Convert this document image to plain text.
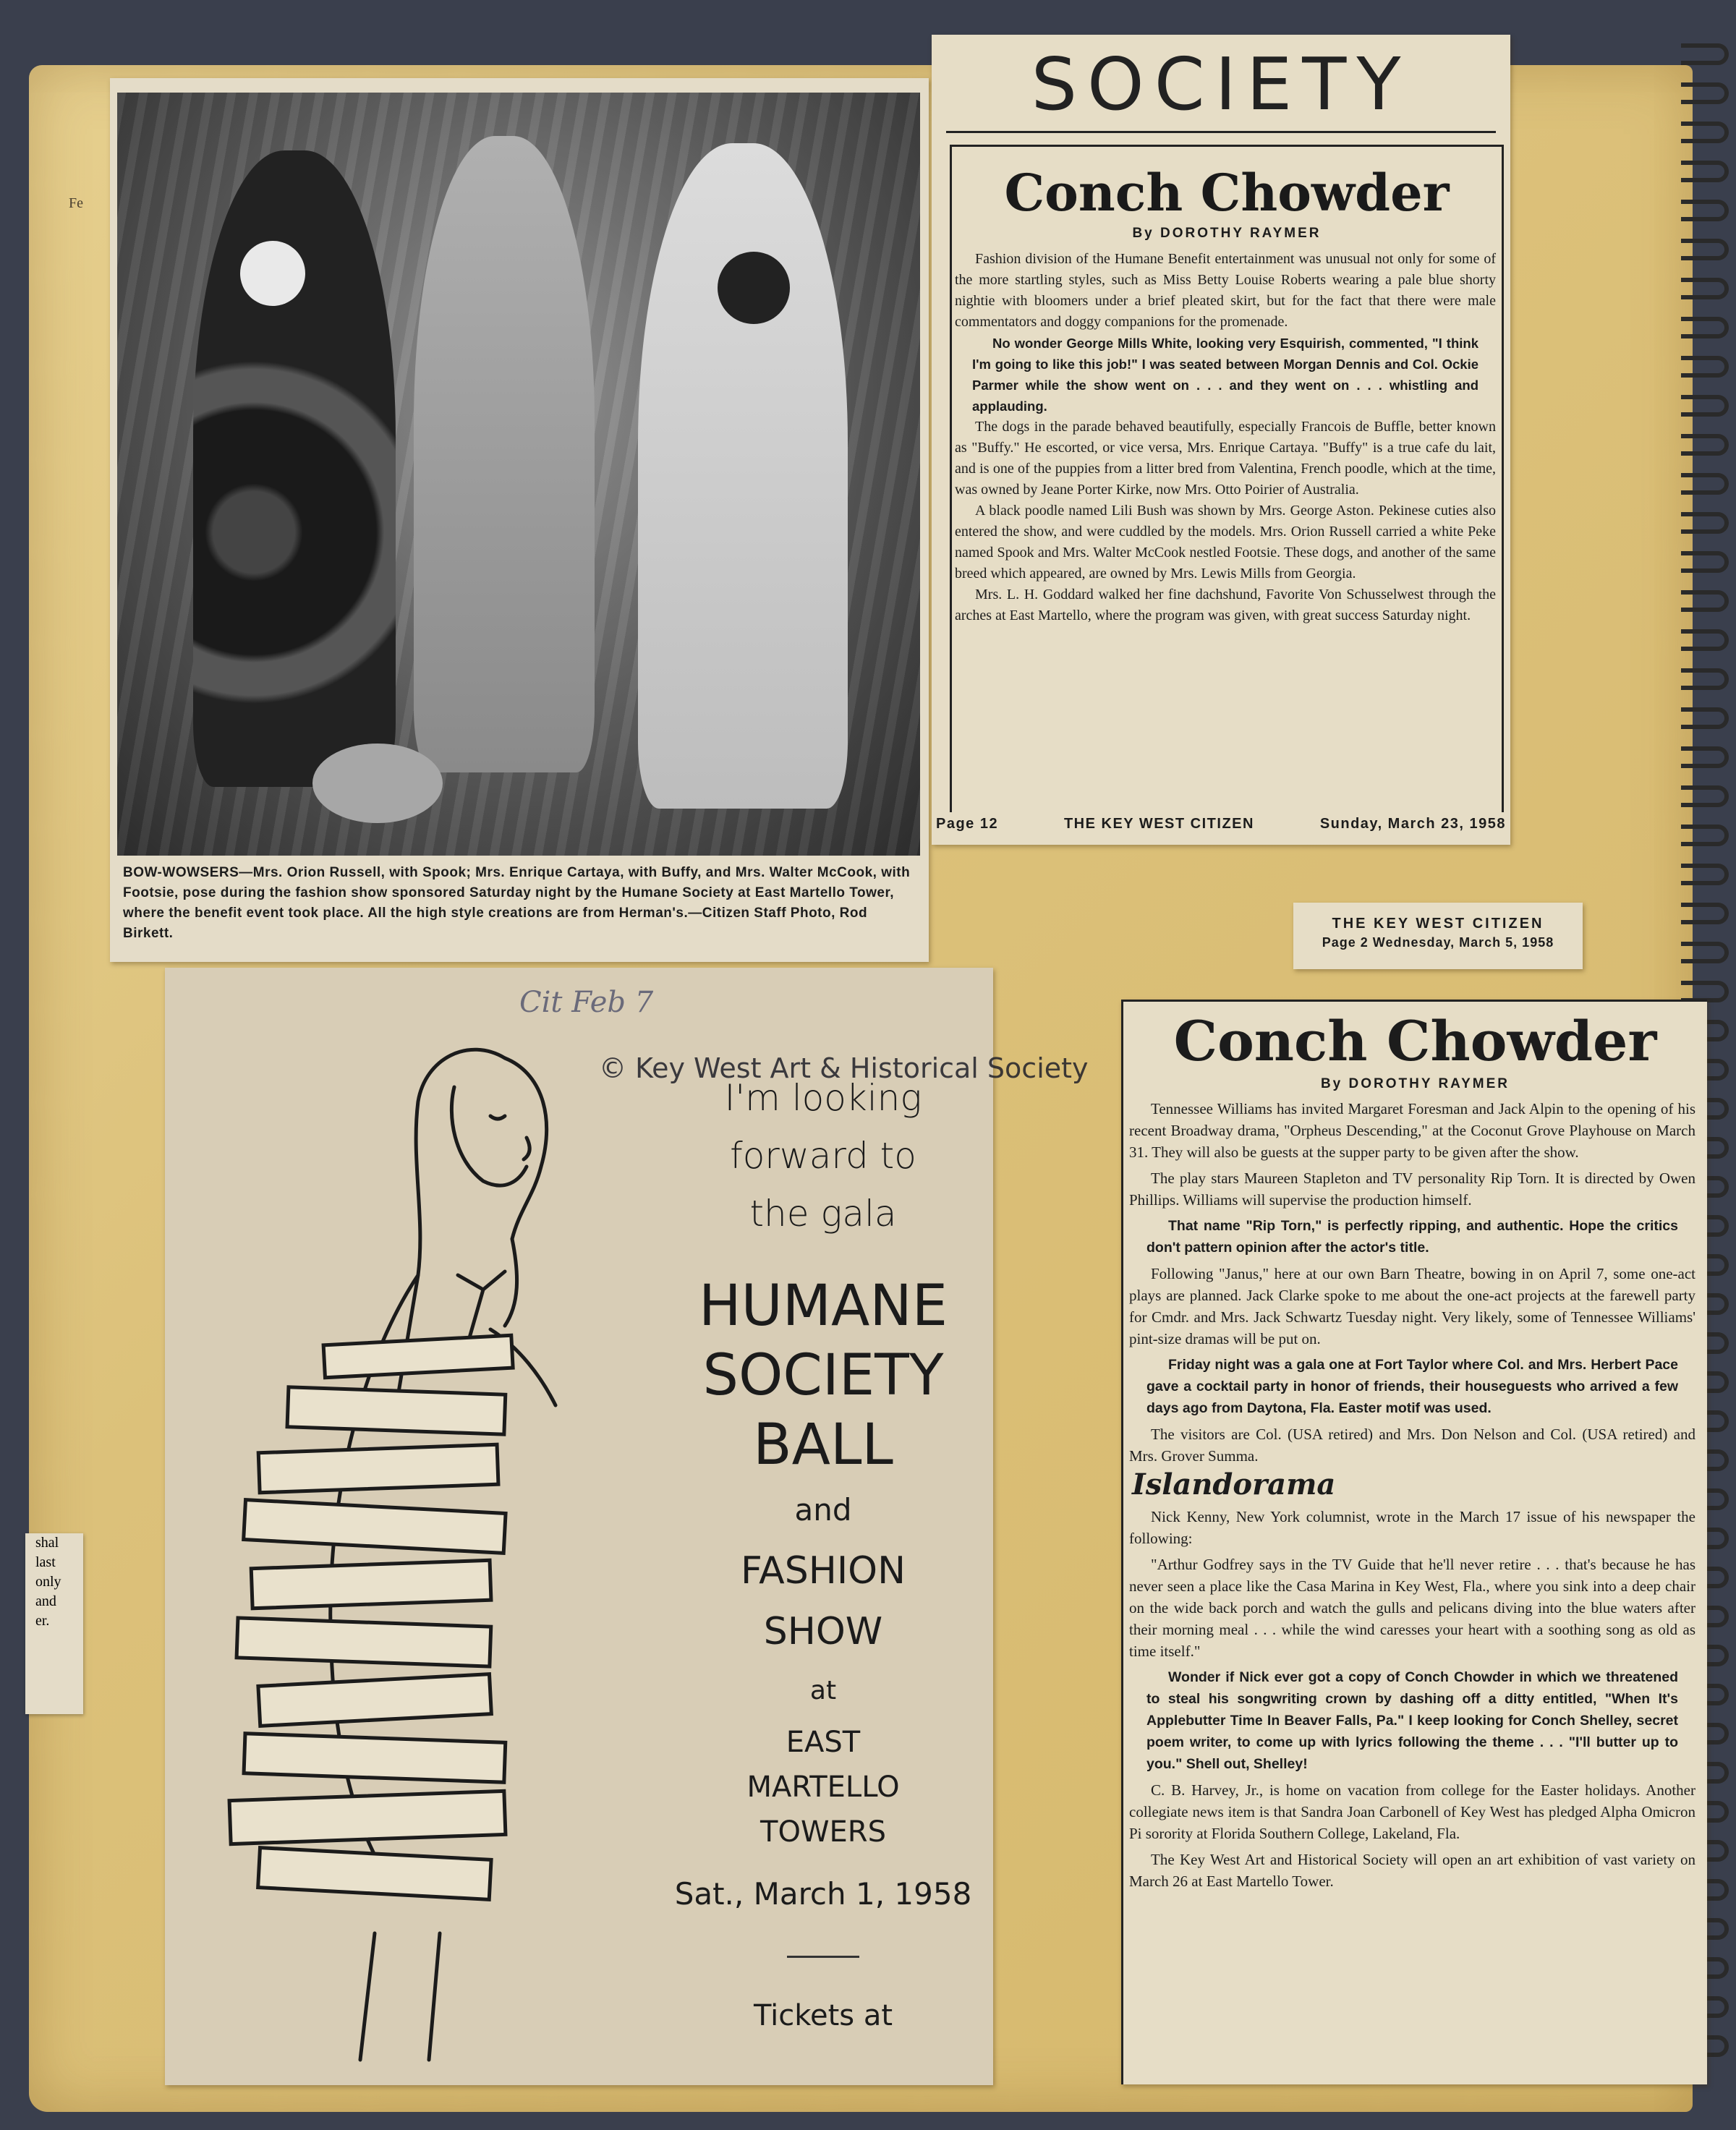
Fe
BOW-WOWSERS—Mrs. Orion Russell, with Spook; Mrs. Enrique Cartaya, with Buffy, and Mrs. Walter McCook, with Footsie, pose during the fashion show sponsored Saturday night by the Humane Society at East Martello Tower, where the benefit event took place. All the high style creations are from Herman's.—Citizen Staff Photo, Rod Birkett.
SOCIETY
Conch Chowder
By DOROTHY RAYMER

Fashion division of the Humane Benefit entertainment was unusual not only for some of the more startling styles, such as Miss Betty Louise Roberts wearing a pale blue shorty nightie with bloomers under a brief pleated skirt, but for the fact that there were male commentators and doggy companions for the promenade.

No wonder George Mills White, looking very Esquirish, commented, "I think I'm going to like this job!" I was seated between Morgan Dennis and Col. Ockie Parmer while the show went on . . . and they went on . . . whistling and applauding.

The dogs in the parade behaved beautifully, especially Francois de Buffle, better known as "Buffy." He escorted, or vice versa, Mrs. Enrique Cartaya. "Buffy" is a true cafe du lait, and is one of the puppies from a litter bred from Valentina, French poodle, which at the time, was owned by Jeane Porter Kirke, now Mrs. Otto Poirier of Australia.

A black poodle named Lili Bush was shown by Mrs. George Aston. Pekinese cuties also entered the show, and were cuddled by the models. Mrs. Orion Russell carried a white Peke named Spook and Mrs. Walter McCook nestled Footsie. These dogs, and another of the same breed which appeared, are owned by Mrs. Lewis Mills from Georgia.

Mrs. L. H. Goddard walked her fine dachshund, Favorite Von Schusselwest through the arches at East Martello, where the program was given, with great success Saturday night.

Page 12	THE KEY WEST CITIZEN	Sunday, March 23, 1958
THE KEY WEST CITIZEN
Page 2 Wednesday, March 5, 1958
Cit Feb 7
I'm looking
forward to
the gala
HUMANE
SOCIETY
BALL
and
FASHION
SHOW
at
EAST
MARTELLO
TOWERS
Sat., March 1, 1958
Tickets at
Conch Chowder
By DOROTHY RAYMER

Tennessee Williams has invited Margaret Foresman and Jack Alpin to the opening of his recent Broadway drama, "Orpheus Descending," at the Coconut Grove Playhouse on March 31. They will also be guests at the supper party to be given after the show.

The play stars Maureen Stapleton and TV personality Rip Torn. It is directed by Owen Phillips. Williams will supervise the production himself.

That name "Rip Torn," is perfectly ripping, and authentic. Hope the critics don't pattern opinion after the actor's title.

Following "Janus," here at our own Barn Theatre, bowing in on April 7, some one-act plays are planned. Jack Clarke spoke to me about the one-act projects at the farewell party for Cmdr. and Mrs. Jack Schwartz Tuesday night. Very likely, some of Tennessee Williams' pint-size dramas will be put on.

Friday night was a gala one at Fort Taylor where Col. and Mrs. Herbert Pace gave a cocktail party in honor of friends, their houseguests who arrived a few days ago from Daytona, Fla. Easter motif was used.

The visitors are Col. (USA retired) and Mrs. Don Nelson and Col. (USA retired) and Mrs. Grover Summa.

Islandorama

Nick Kenny, New York columnist, wrote in the March 17 issue of his newspaper the following:

"Arthur Godfrey says in the TV Guide that he'll never retire . . . that's because he has never seen a place like the Casa Marina in Key West, Fla., where you sink into a deep chair on the wide back porch and watch the gulls and pelicans diving into the blue waters after their morning meal . . . while the wind caresses your heart with a soothing song as old as time itself."

Wonder if Nick ever got a copy of Conch Chowder in which we threatened to steal his songwriting crown by dashing off a ditty entitled, "When It's Applebutter Time In Beaver Falls, Pa." I keep looking for Conch Shelley, secret poem writer, to come up with lyrics following the theme . . . "I'll butter up to you." Shell out, Shelley!

C. B. Harvey, Jr., is home on vacation from college for the Easter holidays. Another collegiate news item is that Sandra Joan Carbonell of Key West has pledged Alpha Omicron Pi sorority at Florida Southern College, Lakeland, Fla.

The Key West Art and Historical Society will open an art exhibition of vast variety on March 26 at East Martello Tower.

shal
last
only
and
er.
© Key West Art & Historical Society
